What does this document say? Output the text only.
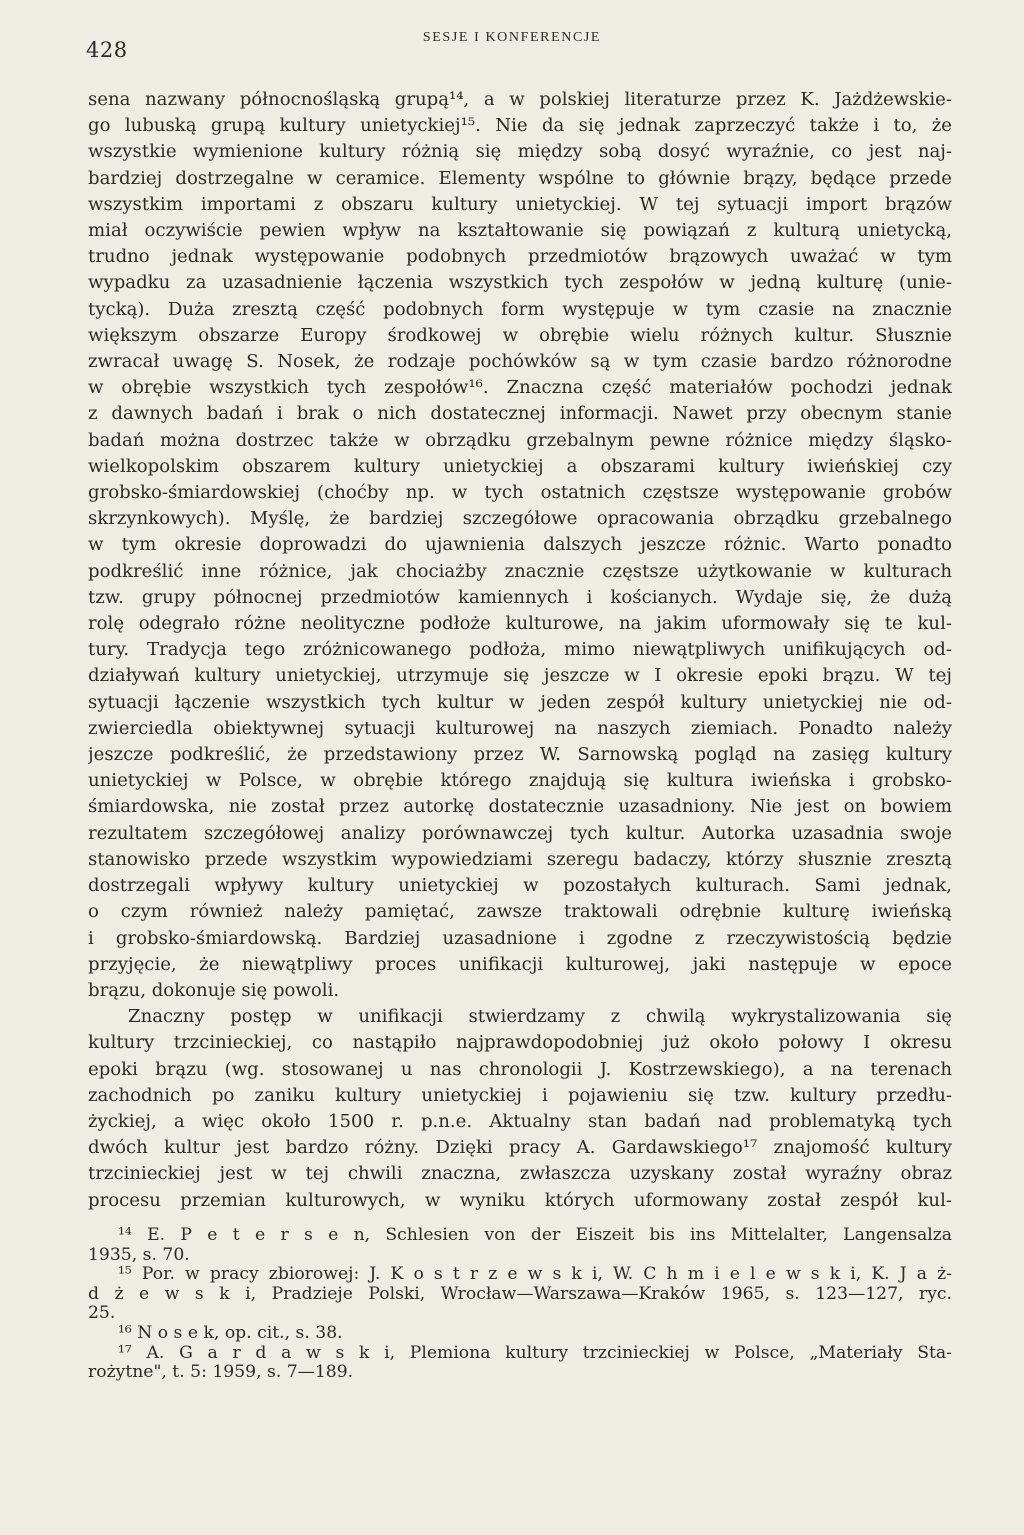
428
SESJE I KONFERENCJE
sena nazwany północnośląską grupą¹⁴, a w polskiej literaturze przez K. Jażdżewskie-
go lubuską grupą kultury unietyckiej¹⁵. Nie da się jednak zaprzeczyć także i to, że
wszystkie wymienione kultury różnią się między sobą dosyć wyraźnie, co jest naj-
bardziej dostrzegalne w ceramice. Elementy wspólne to głównie brązy, będące przede
wszystkim importami z obszaru kultury unietyckiej. W tej sytuacji import brązów
miał oczywiście pewien wpływ na kształtowanie się powiązań z kulturą unietycką,
trudno jednak występowanie podobnych przedmiotów brązowych uważać w tym
wypadku za uzasadnienie łączenia wszystkich tych zespołów w jedną kulturę (unie-
tycką). Duża zresztą część podobnych form występuje w tym czasie na znacznie
większym obszarze Europy środkowej w obrębie wielu różnych kultur. Słusznie
zwracał uwagę S. Nosek, że rodzaje pochówków są w tym czasie bardzo różnorodne
w obrębie wszystkich tych zespołów¹⁶. Znaczna część materiałów pochodzi jednak
z dawnych badań i brak o nich dostatecznej informacji. Nawet przy obecnym stanie
badań można dostrzec także w obrządku grzebalnym pewne różnice między śląsko-
wielkopolskim obszarem kultury unietyckiej a obszarami kultury iwieńskiej czy
grobsko-śmiardowskiej (choćby np. w tych ostatnich częstsze występowanie grobów
skrzynkowych). Myślę, że bardziej szczegółowe opracowania obrządku grzebalnego
w tym okresie doprowadzi do ujawnienia dalszych jeszcze różnic. Warto ponadto
podkreślić inne różnice, jak chociażby znacznie częstsze użytkowanie w kulturach
tzw. grupy północnej przedmiotów kamiennych i kościanych. Wydaje się, że dużą
rolę odegrało różne neolityczne podłoże kulturowe, na jakim uformowały się te kul-
tury. Tradycja tego zróżnicowanego podłoża, mimo niewątpliwych unifikujących od-
działywań kultury unietyckiej, utrzymuje się jeszcze w I okresie epoki brązu. W tej
sytuacji łączenie wszystkich tych kultur w jeden zespół kultury unietyckiej nie od-
zwierciedla obiektywnej sytuacji kulturowej na naszych ziemiach. Ponadto należy
jeszcze podkreślić, że przedstawiony przez W. Sarnowską pogląd na zasięg kultury
unietyckiej w Polsce, w obrębie którego znajdują się kultura iwieńska i grobsko-
śmiardowska, nie został przez autorkę dostatecznie uzasadniony. Nie jest on bowiem
rezultatem szczegółowej analizy porównawczej tych kultur. Autorka uzasadnia swoje
stanowisko przede wszystkim wypowiedziami szeregu badaczy, którzy słusznie zresztą
dostrzegali wpływy kultury unietyckiej w pozostałych kulturach. Sami jednak,
o czym również należy pamiętać, zawsze traktowali odrębnie kulturę iwieńską
i grobsko-śmiardowską. Bardziej uzasadnione i zgodne z rzeczywistością będzie
przyjęcie, że niewątpliwy proces unifikacji kulturowej, jaki następuje w epoce
brązu, dokonuje się powoli.
Znaczny postęp w unifikacji stwierdzamy z chwilą wykrystalizowania się
kultury trzcinieckiej, co nastąpiło najprawdopodobniej już około połowy I okresu
epoki brązu (wg. stosowanej u nas chronologii J. Kostrzewskiego), a na terenach
zachodnich po zaniku kultury unietyckiej i pojawieniu się tzw. kultury przedłu-
życkiej, a więc około 1500 r. p.n.e. Aktualny stan badań nad problematyką tych
dwóch kultur jest bardzo różny. Dzięki pracy A. Gardawskiego¹⁷ znajomość kultury
trzcinieckiej jest w tej chwili znaczna, zwłaszcza uzyskany został wyraźny obraz
procesu przemian kulturowych, w wyniku których uformowany został zespół kul-
¹⁴ E. P e t e r s e n, Schlesien von der Eiszeit bis ins Mittelalter, Langensalza
1935, s. 70.
¹⁵ Por. w pracy zbiorowej: J. K o s t r z e w s k i, W. C h m i e l e w s k i, K. J a ż-
d ż e w s k i, Pradzieje Polski, Wrocław—Warszawa—Kraków 1965, s. 123—127, ryc.
25.
¹⁶ N o s e k, op. cit., s. 38.
¹⁷ A. G a r d a w s k i, Plemiona kultury trzcinieckiej w Polsce, „Materiały Sta-
rożytne", t. 5: 1959, s. 7—189.
